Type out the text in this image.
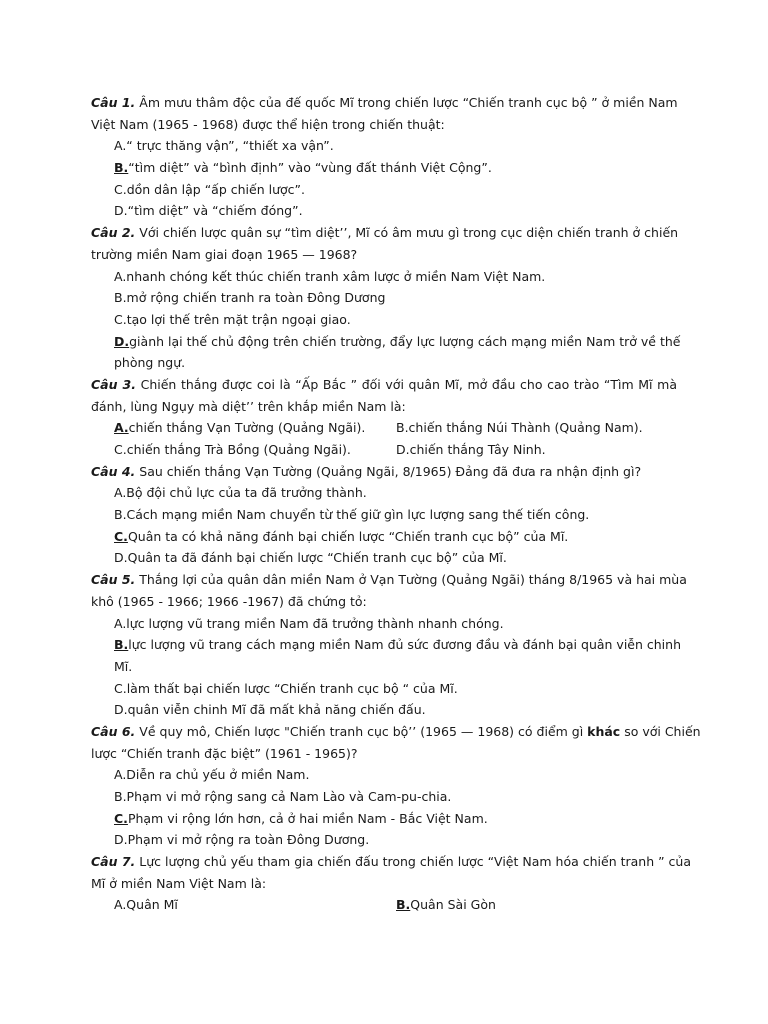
Câu 1. Âm mưu thâm độc của đế quốc Mĩ trong chiến lược “Chiến tranh cục bộ ” ở miền Nam
Việt Nam (1965 - 1968) được thể hiện trong chiến thuật:
A.“ trực thăng vận”, “thiết xa vận”.
B.“tìm diệt” và “bình định” vào “vùng đất thánh Việt Cộng”.
C.dồn dân lập “ấp chiến lược”.
D.“tìm diệt” và “chiếm đóng”.
Câu 2. Với chiến lược quân sự “tìm diệt’’, Mĩ có âm mưu gì trong cục diện chiến tranh ở chiến
trường miền Nam giai đoạn 1965 — 1968?
A.nhanh chóng kết thúc chiến tranh xâm lược ở miền Nam Việt Nam.
B.mở rộng chiến tranh ra toàn Đông Dương
C.tạo lợi thế trên mặt trận ngoại giao.
D.giành lại thế chủ động trên chiến trường, đẩy lực lượng cách mạng miền Nam trở về thế
phòng ngự.
Câu 3. Chiến thắng được coi là “Ấp Bắc ” đối với quân Mĩ, mở đầu cho cao trào “Tìm Mĩ mà
đánh, lùng Ngụy mà diệt’’ trên khắp miền Nam là:
A.chiến thắng Vạn Tường (Quảng Ngãi).	B.chiến thắng Núi Thành (Quảng Nam).
C.chiến thắng Trà Bồng (Quảng Ngãi).	D.chiến thắng Tây Ninh.
Câu 4. Sau chiến thắng Vạn Tường (Quảng Ngãi, 8/1965) Đảng đã đưa ra nhận định gì?
A.Bộ đội chủ lực của ta đã trưởng thành.
B.Cách mạng miền Nam chuyển từ thế giữ gìn lực lượng sang thế tiến công.
C.Quân ta có khả năng đánh bại chiến lược “Chiến tranh cục bộ” của Mĩ.
D.Quân ta đã đánh bại chiến lược “Chiến tranh cục bộ” của Mĩ.
Câu 5. Thắng lợi của quân dân miền Nam ở Vạn Tường (Quảng Ngãi) tháng 8/1965 và hai mùa
khô (1965 - 1966; 1966 -1967) đã chứng tỏ:
A.lực lượng vũ trang miền Nam đã trưởng thành nhanh chóng.
B.lực lượng vũ trang cách mạng miền Nam đủ sức đương đầu và đánh bại quân viễn chinh
Mĩ.
C.làm thất bại chiến lược “Chiến tranh cục bộ “ của Mĩ.
D.quân viễn chinh Mĩ đã mất khả năng chiến đấu.
Câu 6. Về quy mô, Chiến lược "Chiến tranh cục bộ’’ (1965 — 1968) có điểm gì khác so với Chiến
lược “Chiến tranh đặc biệt” (1961 - 1965)?
A.Diễn ra chủ yếu ở miền Nam.
B.Phạm vi mở rộng sang cả Nam Lào và Cam-pu-chia.
C.Phạm vi rộng lớn hơn, cả ở hai miền Nam - Bắc Việt Nam.
D.Phạm vi mở rộng ra toàn Đông Dương.
Câu 7. Lực lượng chủ yếu tham gia chiến đấu trong chiến lược “Việt Nam hóa chiến tranh ” của
Mĩ ở miền Nam Việt Nam là:
A.Quân Mĩ	B.Quân Sài Gòn
